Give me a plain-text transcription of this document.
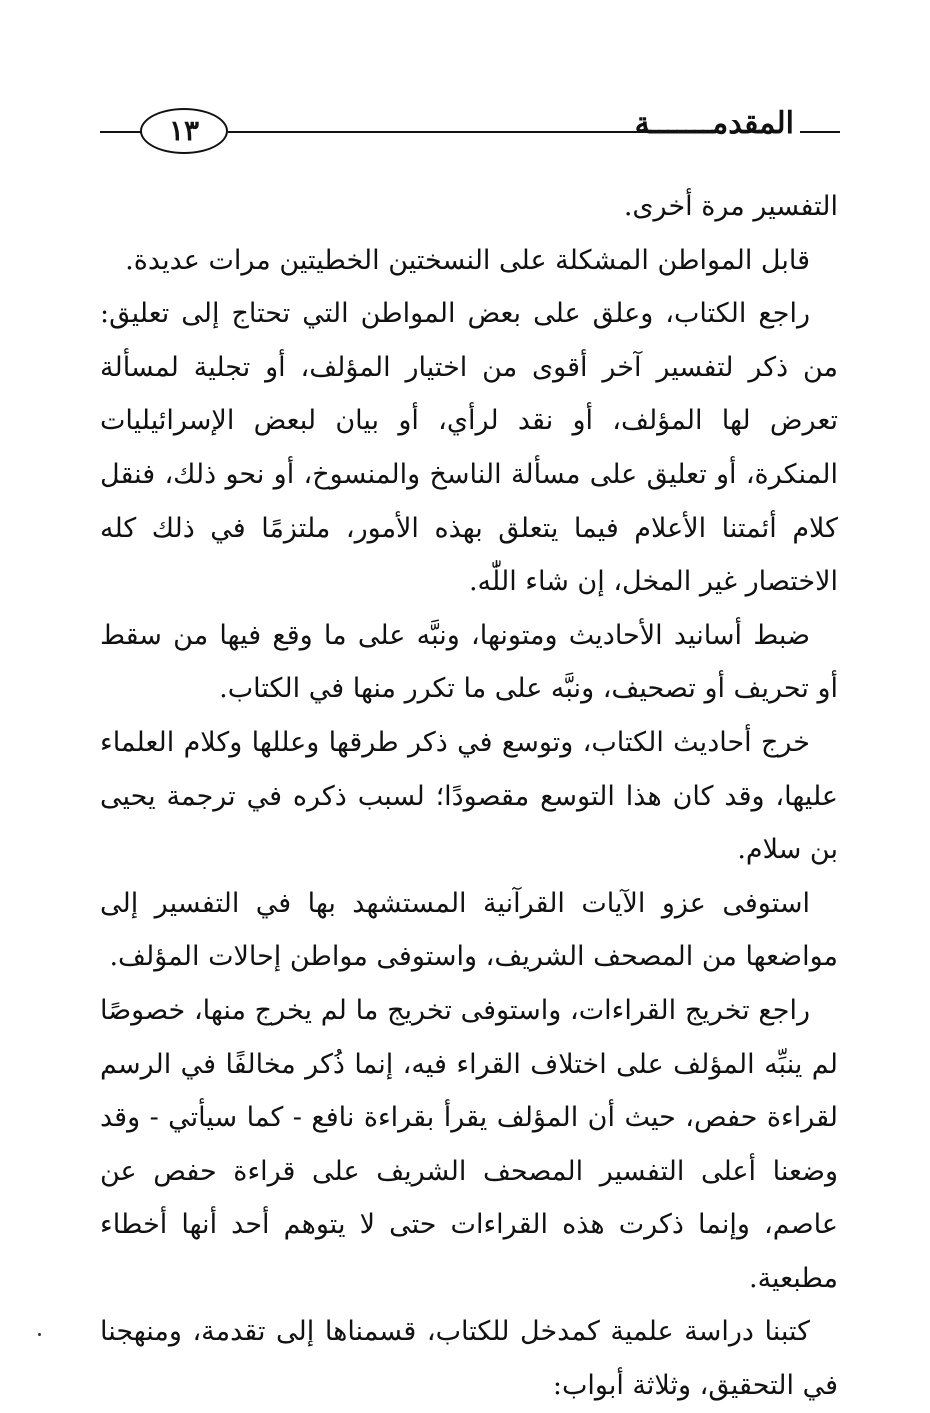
١٣	المقدمـــــــة

التفسير مرة أخرى.

قابل المواطن المشكلة على النسختين الخطيتين مرات عديدة.

راجع الكتاب، وعلق على بعض المواطن التي تحتاج إلى تعليق: من ذكر لتفسير آخر أقوى من اختيار المؤلف، أو تجلية لمسألة تعرض لها المؤلف، أو نقد لرأي، أو بيان لبعض الإسرائيليات المنكرة، أو تعليق على مسألة الناسخ والمنسوخ، أو نحو ذلك، فنقل كلام أئمتنا الأعلام فيما يتعلق بهذه الأمور، ملتزمًا في ذلك كله الاختصار غير المخل، إن شاء اللّٰه.

ضبط أسانيد الأحاديث ومتونها، ونبَّه على ما وقع فيها من سقط أو تحريف أو تصحيف، ونبَّه على ما تكرر منها في الكتاب.

خرج أحاديث الكتاب، وتوسع في ذكر طرقها وعللها وكلام العلماء عليها، وقد كان هذا التوسع مقصودًا؛ لسبب ذكره في ترجمة يحيى بن سلام.

استوفى عزو الآيات القرآنية المستشهد بها في التفسير إلى مواضعها من المصحف الشريف، واستوفى مواطن إحالات المؤلف.

راجع تخريج القراءات، واستوفى تخريج ما لم يخرج منها، خصوصًا لم ينبِّه المؤلف على اختلاف القراء فيه، إنما ذُكر مخالفًا في الرسم لقراءة حفص، حيث أن المؤلف يقرأ بقراءة نافع - كما سيأتي - وقد وضعنا أعلى التفسير المصحف الشريف على قراءة حفص عن عاصم، وإنما ذكرت هذه القراءات حتى لا يتوهم أحد أنها أخطاء مطبعية.

كتبنا دراسة علمية كمدخل للكتاب، قسمناها إلى تقدمة، ومنهجنا في التحقيق، وثلاثة أبواب:
